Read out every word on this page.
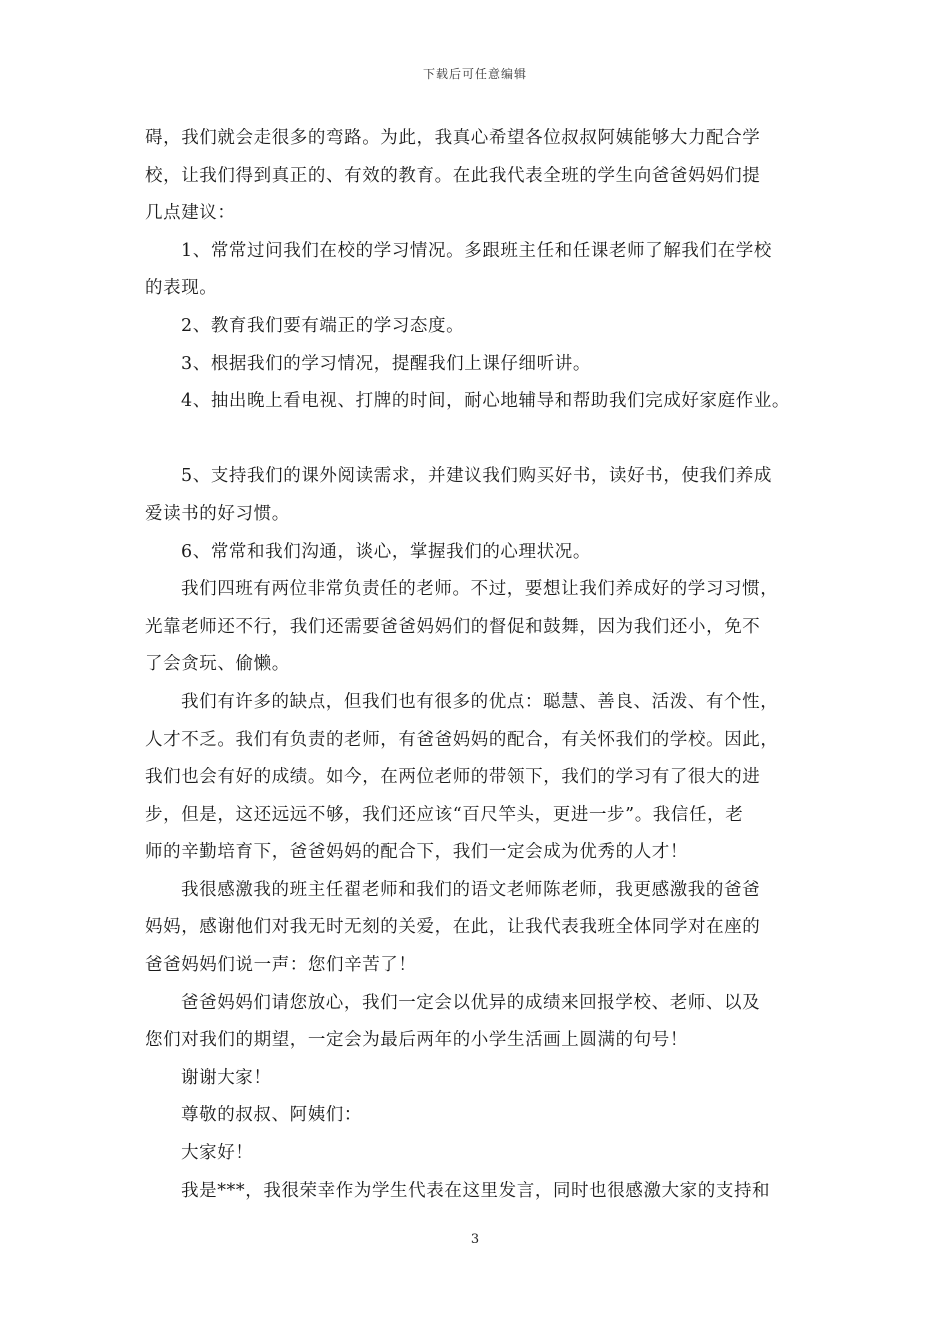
下载后可任意编辑
碍，我们就会走很多的弯路。为此，我真心希望各位叔叔阿姨能够大力配合学
校，让我们得到真正的、有效的教育。在此我代表全班的学生向爸爸妈妈们提
几点建议：
1、常常过问我们在校的学习情况。多跟班主任和任课老师了解我们在学校
的表现。
2、教育我们要有端正的学习态度。
3、根据我们的学习情况，提醒我们上课仔细听讲。
4、抽出晚上看电视、打牌的时间，耐心地辅导和帮助我们完成好家庭作业。
5、支持我们的课外阅读需求，并建议我们购买好书，读好书，使我们养成
爱读书的好习惯。
6、常常和我们沟通，谈心，掌握我们的心理状况。
我们四班有两位非常负责任的老师。不过，要想让我们养成好的学习习惯，
光靠老师还不行，我们还需要爸爸妈妈们的督促和鼓舞，因为我们还小，免不
了会贪玩、偷懒。
我们有许多的缺点，但我们也有很多的优点：聪慧、善良、活泼、有个性，
人才不乏。我们有负责的老师，有爸爸妈妈的配合，有关怀我们的学校。因此，
我们也会有好的成绩。如今，在两位老师的带领下，我们的学习有了很大的进
步，但是，这还远远不够，我们还应该“百尺竿头，更进一步”。我信任，老
师的辛勤培育下，爸爸妈妈的配合下，我们一定会成为优秀的人才！
我很感激我的班主任翟老师和我们的语文老师陈老师，我更感激我的爸爸
妈妈，感谢他们对我无时无刻的关爱，在此，让我代表我班全体同学对在座的
爸爸妈妈们说一声：您们辛苦了！
爸爸妈妈们请您放心，我们一定会以优异的成绩来回报学校、老师、以及
您们对我们的期望，一定会为最后两年的小学生活画上圆满的句号！
谢谢大家！
尊敬的叔叔、阿姨们：
大家好！
我是***，我很荣幸作为学生代表在这里发言，同时也很感激大家的支持和
3
